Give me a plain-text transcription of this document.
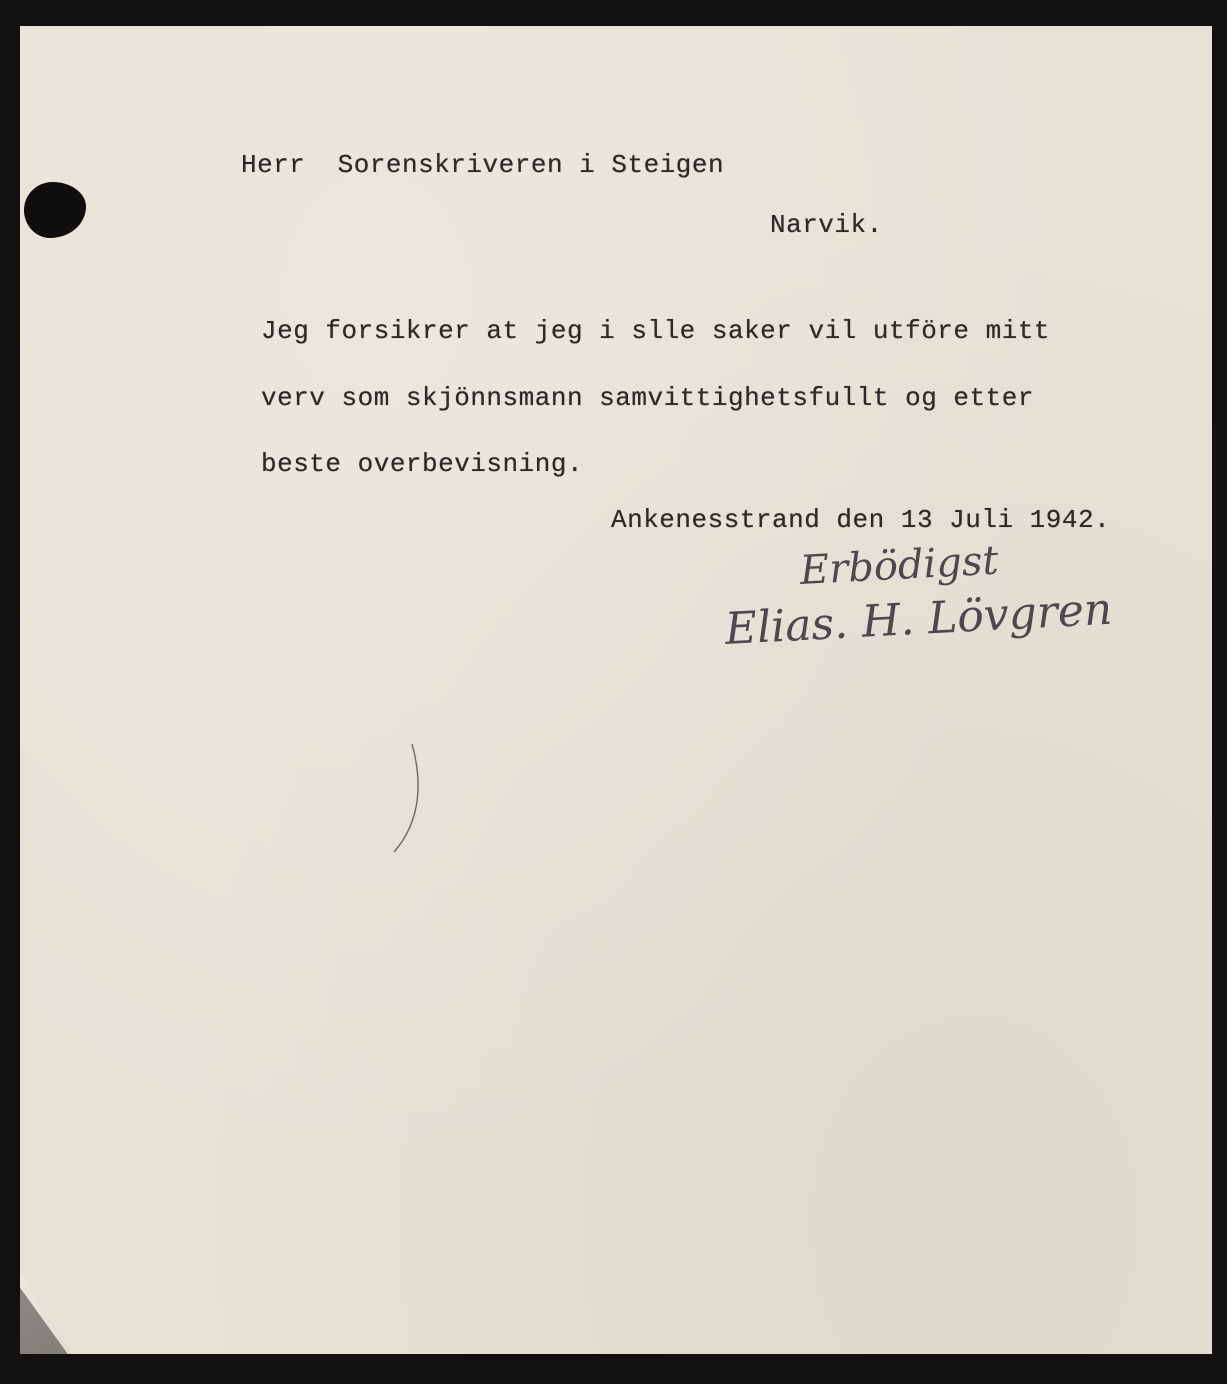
Herr  Sorenskriveren i Steigen
Narvik.
Jeg forsikrer at jeg i slle saker vil utföre mitt
verv som skjönnsmann samvittighetsfullt og etter
beste overbevisning.
Ankenesstrand den 13 Juli 1942.
Erbödigst
Elias. H. Lövgren
